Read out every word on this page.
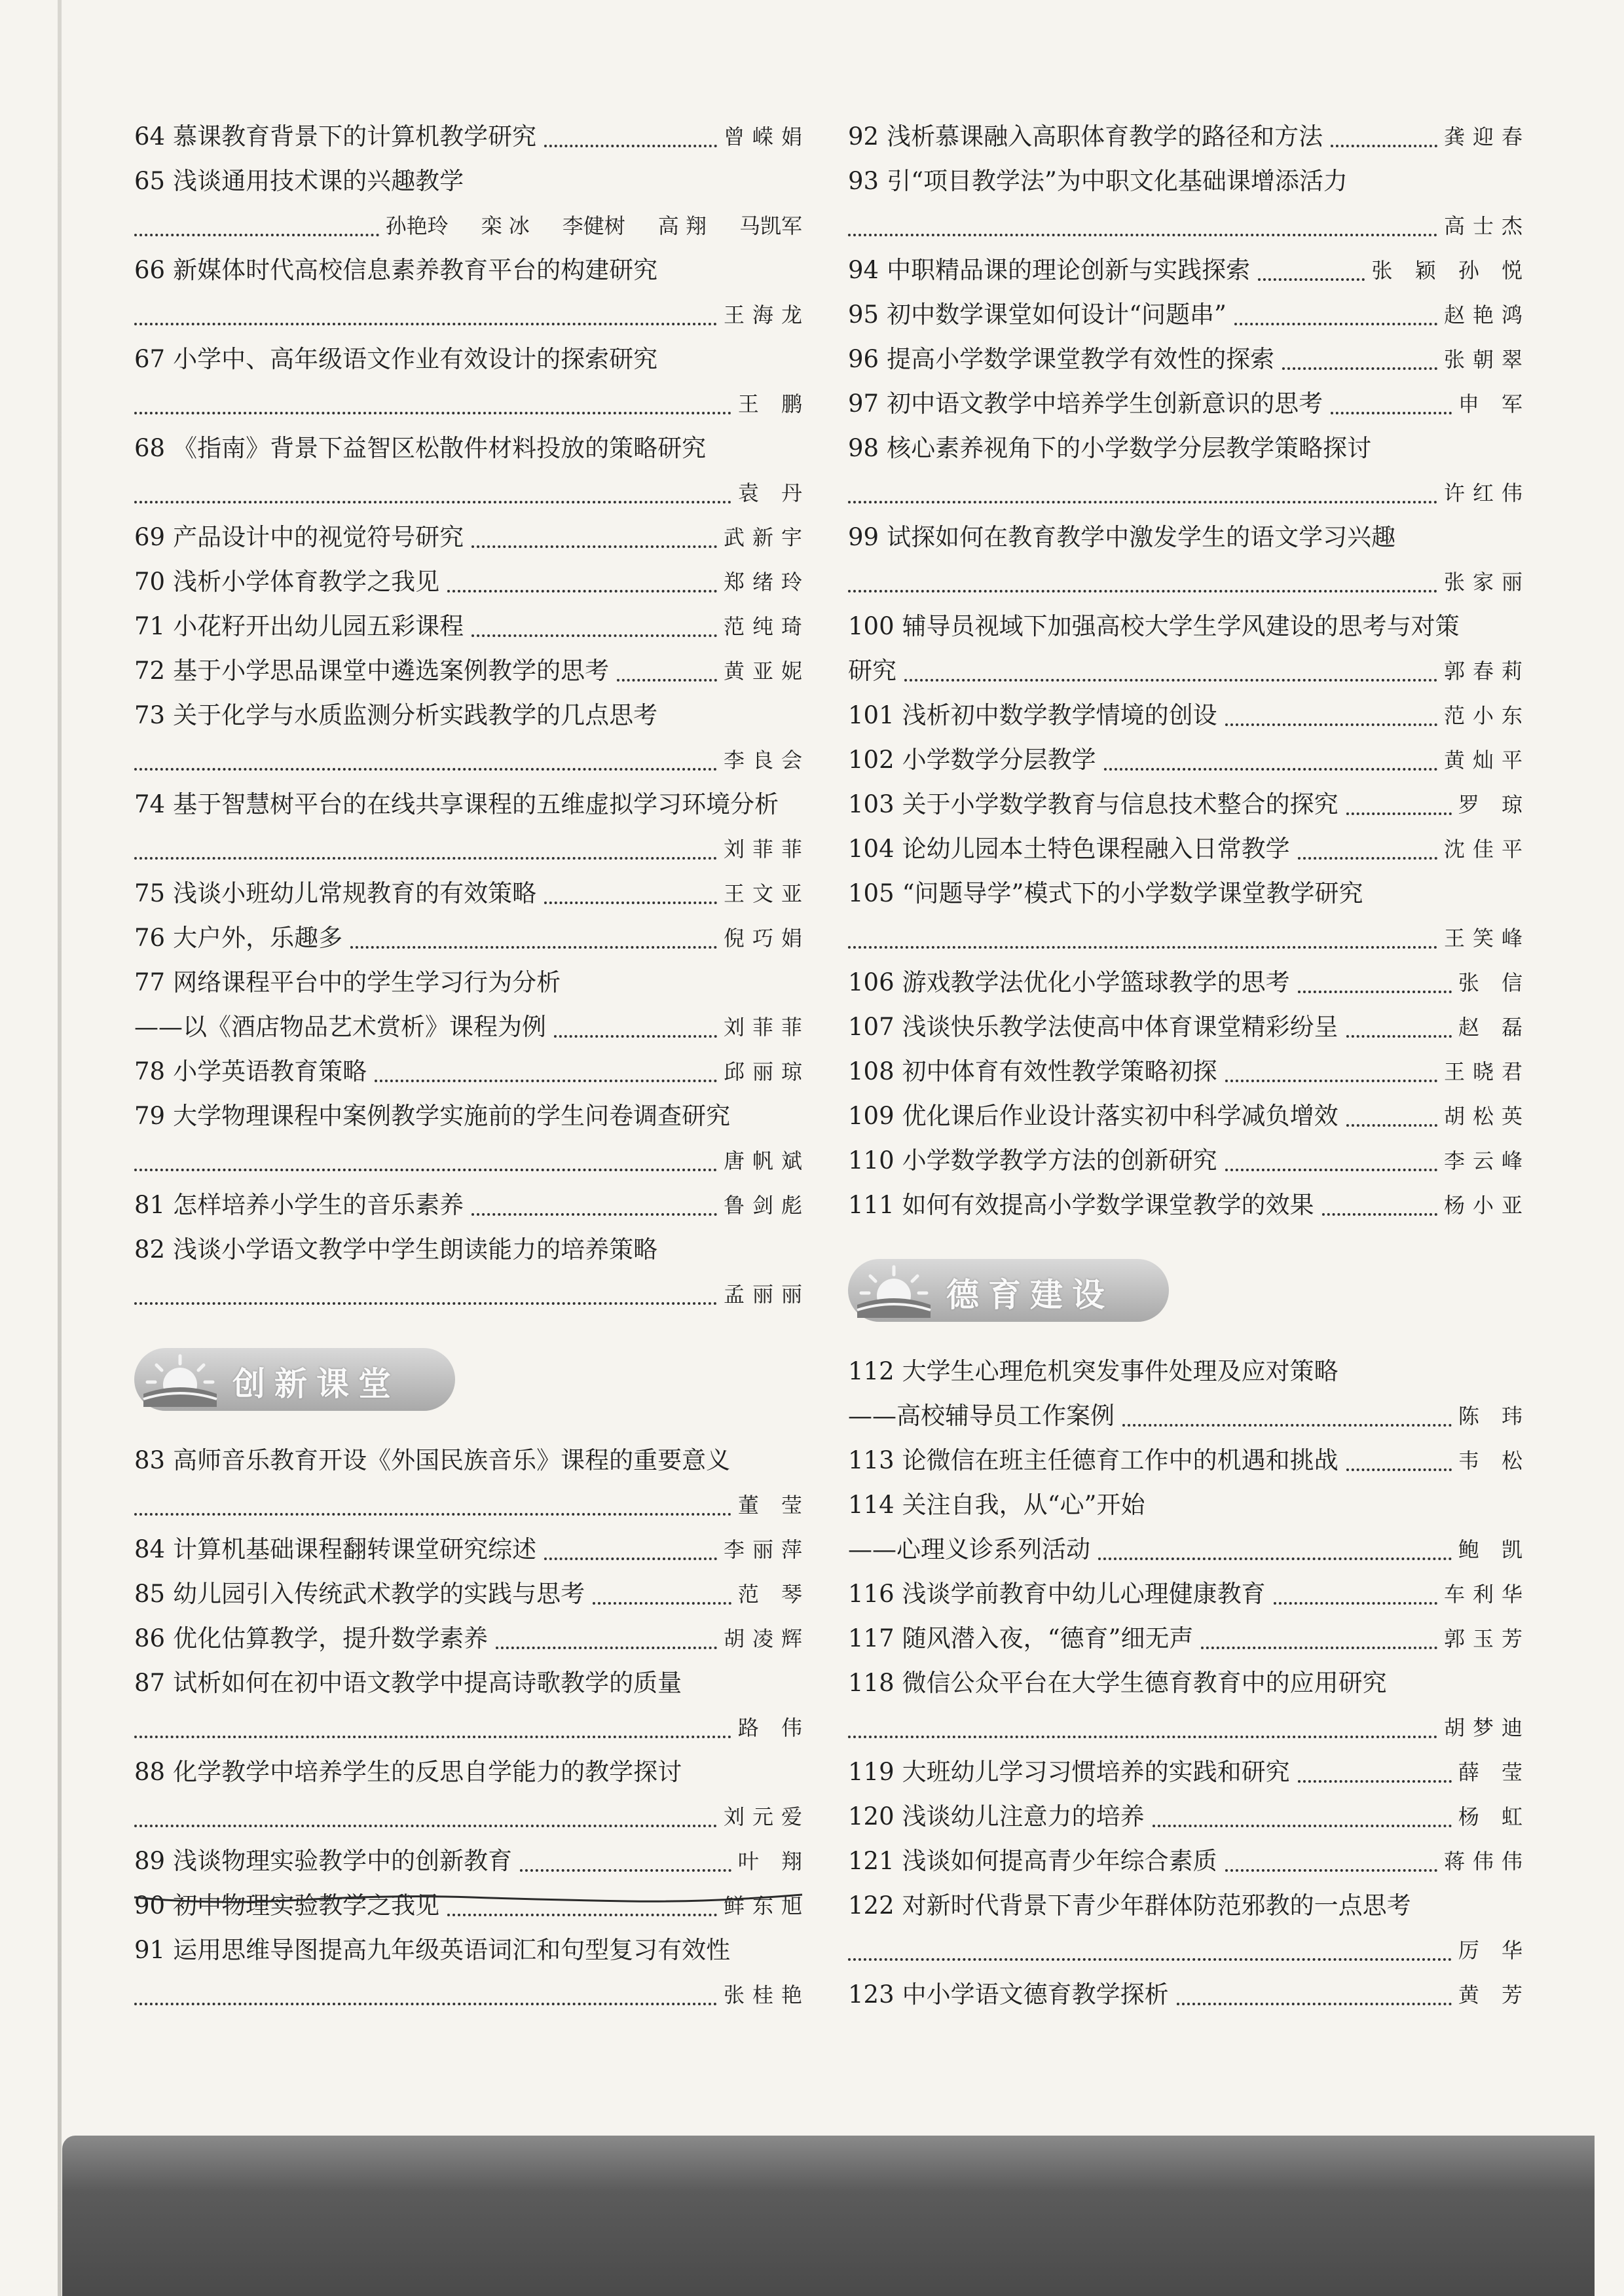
64 慕课教育背景下的计算机教学研究	曾嵘娟
65 浅谈通用技术课的兴趣教学
孙艳玲 栾 冰 李健树 高 翔 马凯军
66 新媒体时代高校信息素养教育平台的构建研究
王海龙
67 小学中、高年级语文作业有效设计的探索研究
王 鹏
68 《指南》背景下益智区松散件材料投放的策略研究
袁 丹
69 产品设计中的视觉符号研究	武新宇
70 浅析小学体育教学之我见	郑绪玲
71 小花籽开出幼儿园五彩课程	范纯琦
72 基于小学思品课堂中遴选案例教学的思考	黄亚妮
73 关于化学与水质监测分析实践教学的几点思考
李良会
74 基于智慧树平台的在线共享课程的五维虚拟学习环境分析
刘菲菲
75 浅谈小班幼儿常规教育的有效策略	王文亚
76 大户外，乐趣多	倪巧娟
77 网络课程平台中的学生学习行为分析
——以《酒店物品艺术赏析》课程为例	刘菲菲
78 小学英语教育策略	邱丽琼
79 大学物理课程中案例教学实施前的学生问卷调查研究
唐帆斌
81 怎样培养小学生的音乐素养	鲁剑彪
82 浅谈小学语文教学中学生朗读能力的培养策略
孟丽丽
创新课堂
83 高师音乐教育开设《外国民族音乐》课程的重要意义
董 莹
84 计算机基础课程翻转课堂研究综述	李丽萍
85 幼儿园引入传统武术教学的实践与思考	范 琴
86 优化估算教学，提升数学素养	胡凌辉
87 试析如何在初中语文教学中提高诗歌教学的质量
路 伟
88 化学教学中培养学生的反思自学能力的教学探讨
刘元爱
89 浅谈物理实验教学中的创新教育	叶 翔
90 初中物理实验教学之我见	鲜东旭
91 运用思维导图提高九年级英语词汇和句型复习有效性
张桂艳
92 浅析慕课融入高职体育教学的路径和方法	龚迎春
93 引“项目教学法”为中职文化基础课增添活力
高士杰
94 中职精品课的理论创新与实践探索	张 颖 孙 悦
95 初中数学课堂如何设计“问题串”	赵艳鸿
96 提高小学数学课堂教学有效性的探索	张朝翠
97 初中语文教学中培养学生创新意识的思考	申 军
98 核心素养视角下的小学数学分层教学策略探讨
许红伟
99 试探如何在教育教学中激发学生的语文学习兴趣
张家丽
100 辅导员视域下加强高校大学生学风建设的思考与对策
研究	郭春莉
101 浅析初中数学教学情境的创设	范小东
102 小学数学分层教学	黄灿平
103 关于小学数学教育与信息技术整合的探究	罗 琼
104 论幼儿园本土特色课程融入日常教学	沈佳平
105 “问题导学”模式下的小学数学课堂教学研究
王笑峰
106 游戏教学法优化小学篮球教学的思考	张 信
107 浅谈快乐教学法使高中体育课堂精彩纷呈	赵 磊
108 初中体育有效性教学策略初探	王晓君
109 优化课后作业设计落实初中科学减负增效	胡松英
110 小学数学教学方法的创新研究	李云峰
111 如何有效提高小学数学课堂教学的效果	杨小亚
德育建设
112 大学生心理危机突发事件处理及应对策略
——高校辅导员工作案例	陈 玮
113 论微信在班主任德育工作中的机遇和挑战	韦 松
114 关注自我，从“心”开始
——心理义诊系列活动	鲍 凯
116 浅谈学前教育中幼儿心理健康教育	车利华
117 随风潜入夜，“德育”细无声	郭玉芳
118 微信公众平台在大学生德育教育中的应用研究
胡梦迪
119 大班幼儿学习习惯培养的实践和研究	薛 莹
120 浅谈幼儿注意力的培养	杨 虹
121 浅谈如何提高青少年综合素质	蒋伟伟
122 对新时代背景下青少年群体防范邪教的一点思考
厉 华
123 中小学语文德育教学探析	黄 芳
